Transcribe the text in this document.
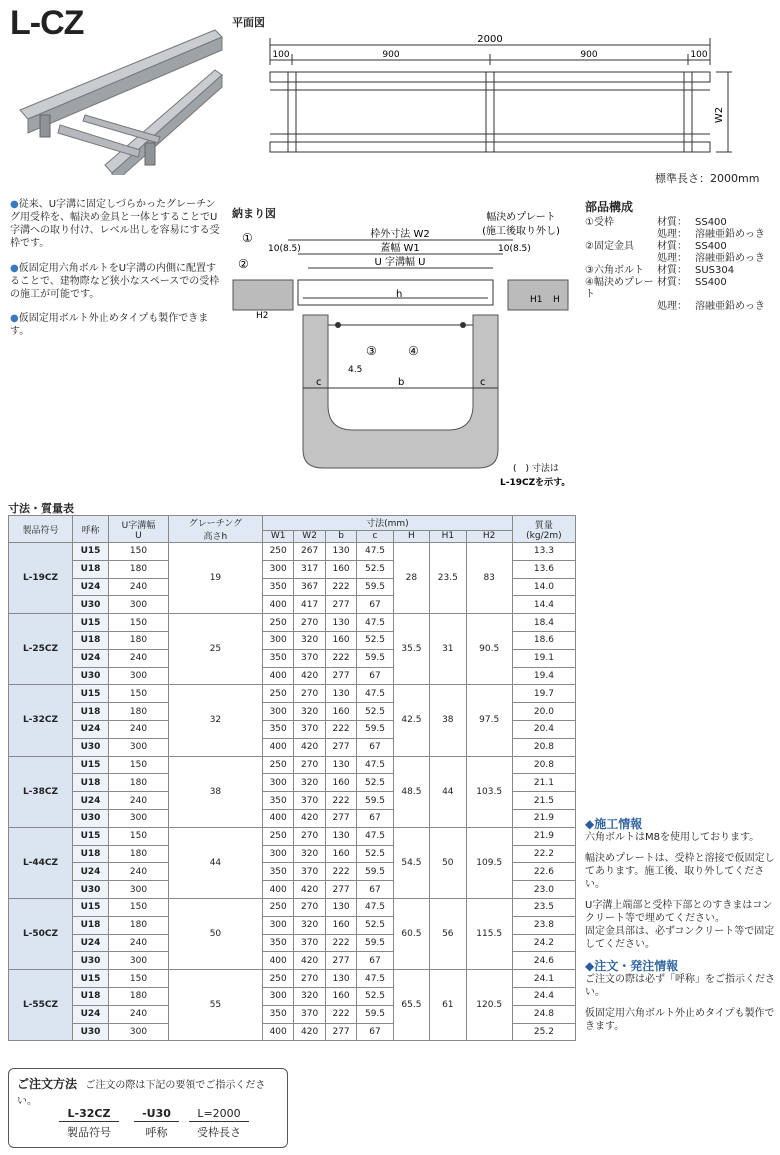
L-CZ
●従来、U字溝に固定しづらかったグレーチング用受枠を、幅決め金具と一体とすることでU字溝への取り付け、レベル出しを容易にする受枠です。
●仮固定用六角ボルトをU字溝の内側に配置することで、建物際など狭小なスペースでの受枠の施工が可能です。
●仮固定用ボルト外止めタイプも製作できます。
平面図
2000
100	900	900	100
W2
標準長さ：2000mm
納まり図	幅決めプレート
(施工後取り外し)
枠外寸法 W2
蓋幅 W1
10(8.5)	10(8.5)
U 字溝幅 U
①
②
h	H1 H
H2
③	④
4.5
c	b	c
(　) 寸法は
L-19CZを示す。
部品構成
①受枠	材質： SS400
処理： 溶融亜鉛めっき
②固定金具	材質： SS400
処理： 溶融亜鉛めっき
③六角ボルト	材質： SUS304
④幅決めプレート
材質： SS400
処理： 溶融亜鉛めっき
寸法・質量表
製品符号	呼称	U字溝幅
U	グレーチング
高さh	寸法(mm)							質量
(kg/2m)
				W1	W2	b	c	H	H1	H2	
L-19CZ	U15	150	19	250	267	130	47.5	28	23.5	83	13.3
	U18	180		300	317	160	52.5				13.6
	U24	240		350	367	222	59.5				14.0
	U30	300		400	417	277	67				14.4
L-25CZ	U15	150	25	250	270	130	47.5	35.5	31	90.5	18.4
	U18	180		300	320	160	52.5				18.6
	U24	240		350	370	222	59.5				19.1
	U30	300		400	420	277	67				19.4
L-32CZ	U15	150	32	250	270	130	47.5	42.5	38	97.5	19.7
	U18	180		300	320	160	52.5				20.0
	U24	240		350	370	222	59.5				20.4
	U30	300		400	420	277	67				20.8
L-38CZ	U15	150	38	250	270	130	47.5	48.5	44	103.5	20.8
	U18	180		300	320	160	52.5				21.1
	U24	240		350	370	222	59.5				21.5
	U30	300		400	420	277	67				21.9
L-44CZ	U15	150	44	250	270	130	47.5	54.5	50	109.5	21.9
	U18	180		300	320	160	52.5				22.2
	U24	240		350	370	222	59.5				22.6
	U30	300		400	420	277	67				23.0
L-50CZ	U15	150	50	250	270	130	47.5	60.5	56	115.5	23.5
	U18	180		300	320	160	52.5				23.8
	U24	240		350	370	222	59.5				24.2
	U30	300		400	420	277	67				24.6
L-55CZ	U15	150	55	250	270	130	47.5	65.5	61	120.5	24.1
	U18	180		300	320	160	52.5				24.4
	U24	240		350	370	222	59.5				24.8
	U30	300		400	420	277	67				25.2
◆施工情報
六角ボルトはM8を使用しております。
幅決めプレートは、受枠と溶接で仮固定してあります。施工後、取り外してください。
U字溝上端部と受枠下部とのすきまはコンクリート等で埋めてください。
固定金具部は、必ずコンクリート等で固定してください。
◆注文・発注情報
ご注文の際は必ず「呼称」をご指示ください。
仮固定用六角ボルト外止めタイプも製作できます。
ご注文方法 ご注文の際は下記の要領でご指示ください。
L-32CZ
製品符号
-U30
呼称
L=2000
受枠長さ
